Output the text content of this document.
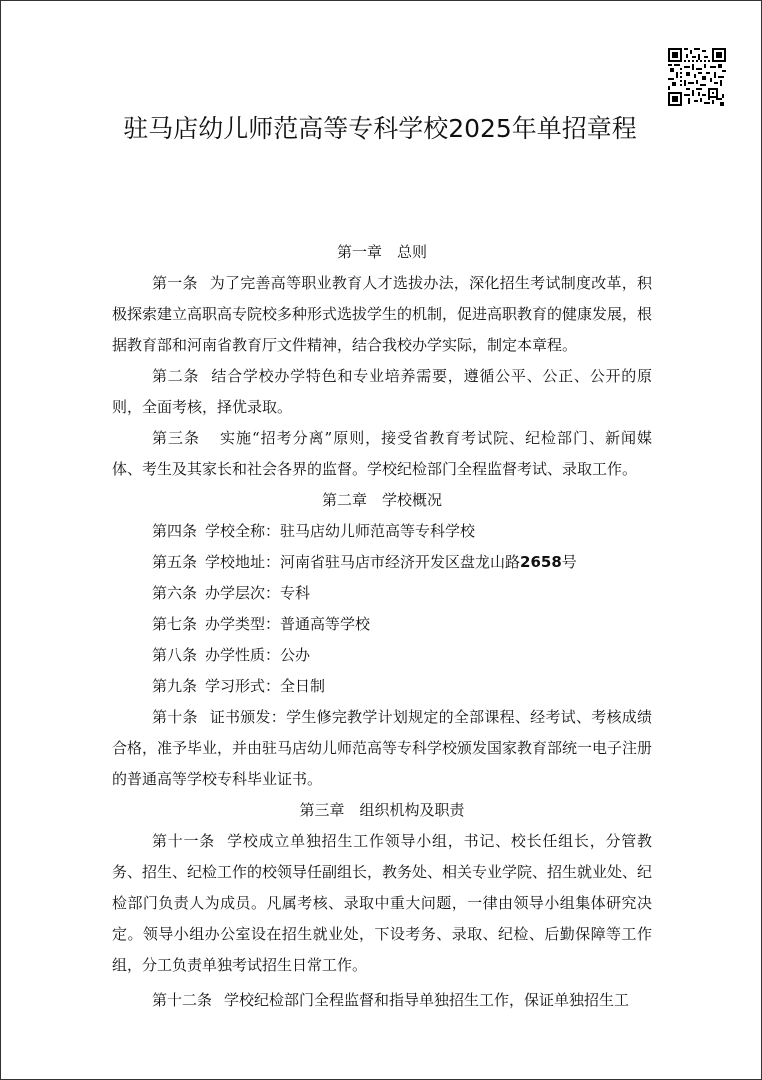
驻马店幼儿师范高等专科学校2025年单招章程

第一章　总则

第一条 为了完善高等职业教育人才选拔办法，深化招生考试制度改革，积极探索建立高职高专院校多种形式选拔学生的机制，促进高职教育的健康发展，根据教育部和河南省教育厅文件精神，结合我校办学实际，制定本章程。

第二条 结合学校办学特色和专业培养需要，遵循公平、公正、公开的原则，全面考核，择优录取。

第三条 实施“招考分离”原则，接受省教育考试院、纪检部门、新闻媒体、考生及其家长和社会各界的监督。学校纪检部门全程监督考试、录取工作。

第二章　学校概况

第四条 学校全称：驻马店幼儿师范高等专科学校

第五条 学校地址：河南省驻马店市经济开发区盘龙山路2658号

第六条 办学层次：专科

第七条 办学类型：普通高等学校

第八条 办学性质：公办

第九条 学习形式：全日制

第十条 证书颁发：学生修完教学计划规定的全部课程、经考试、考核成绩合格，准予毕业，并由驻马店幼儿师范高等专科学校颁发国家教育部统一电子注册的普通高等学校专科毕业证书。

第三章　组织机构及职责

第十一条 学校成立单独招生工作领导小组，书记、校长任组长，分管教务、招生、纪检工作的校领导任副组长，教务处、相关专业学院、招生就业处、纪检部门负责人为成员。凡属考核、录取中重大问题，一律由领导小组集体研究决定。领导小组办公室设在招生就业处，下设考务、录取、纪检、后勤保障等工作组，分工负责单独考试招生日常工作。

第十二条 学校纪检部门全程监督和指导单独招生工作，保证单独招生工
